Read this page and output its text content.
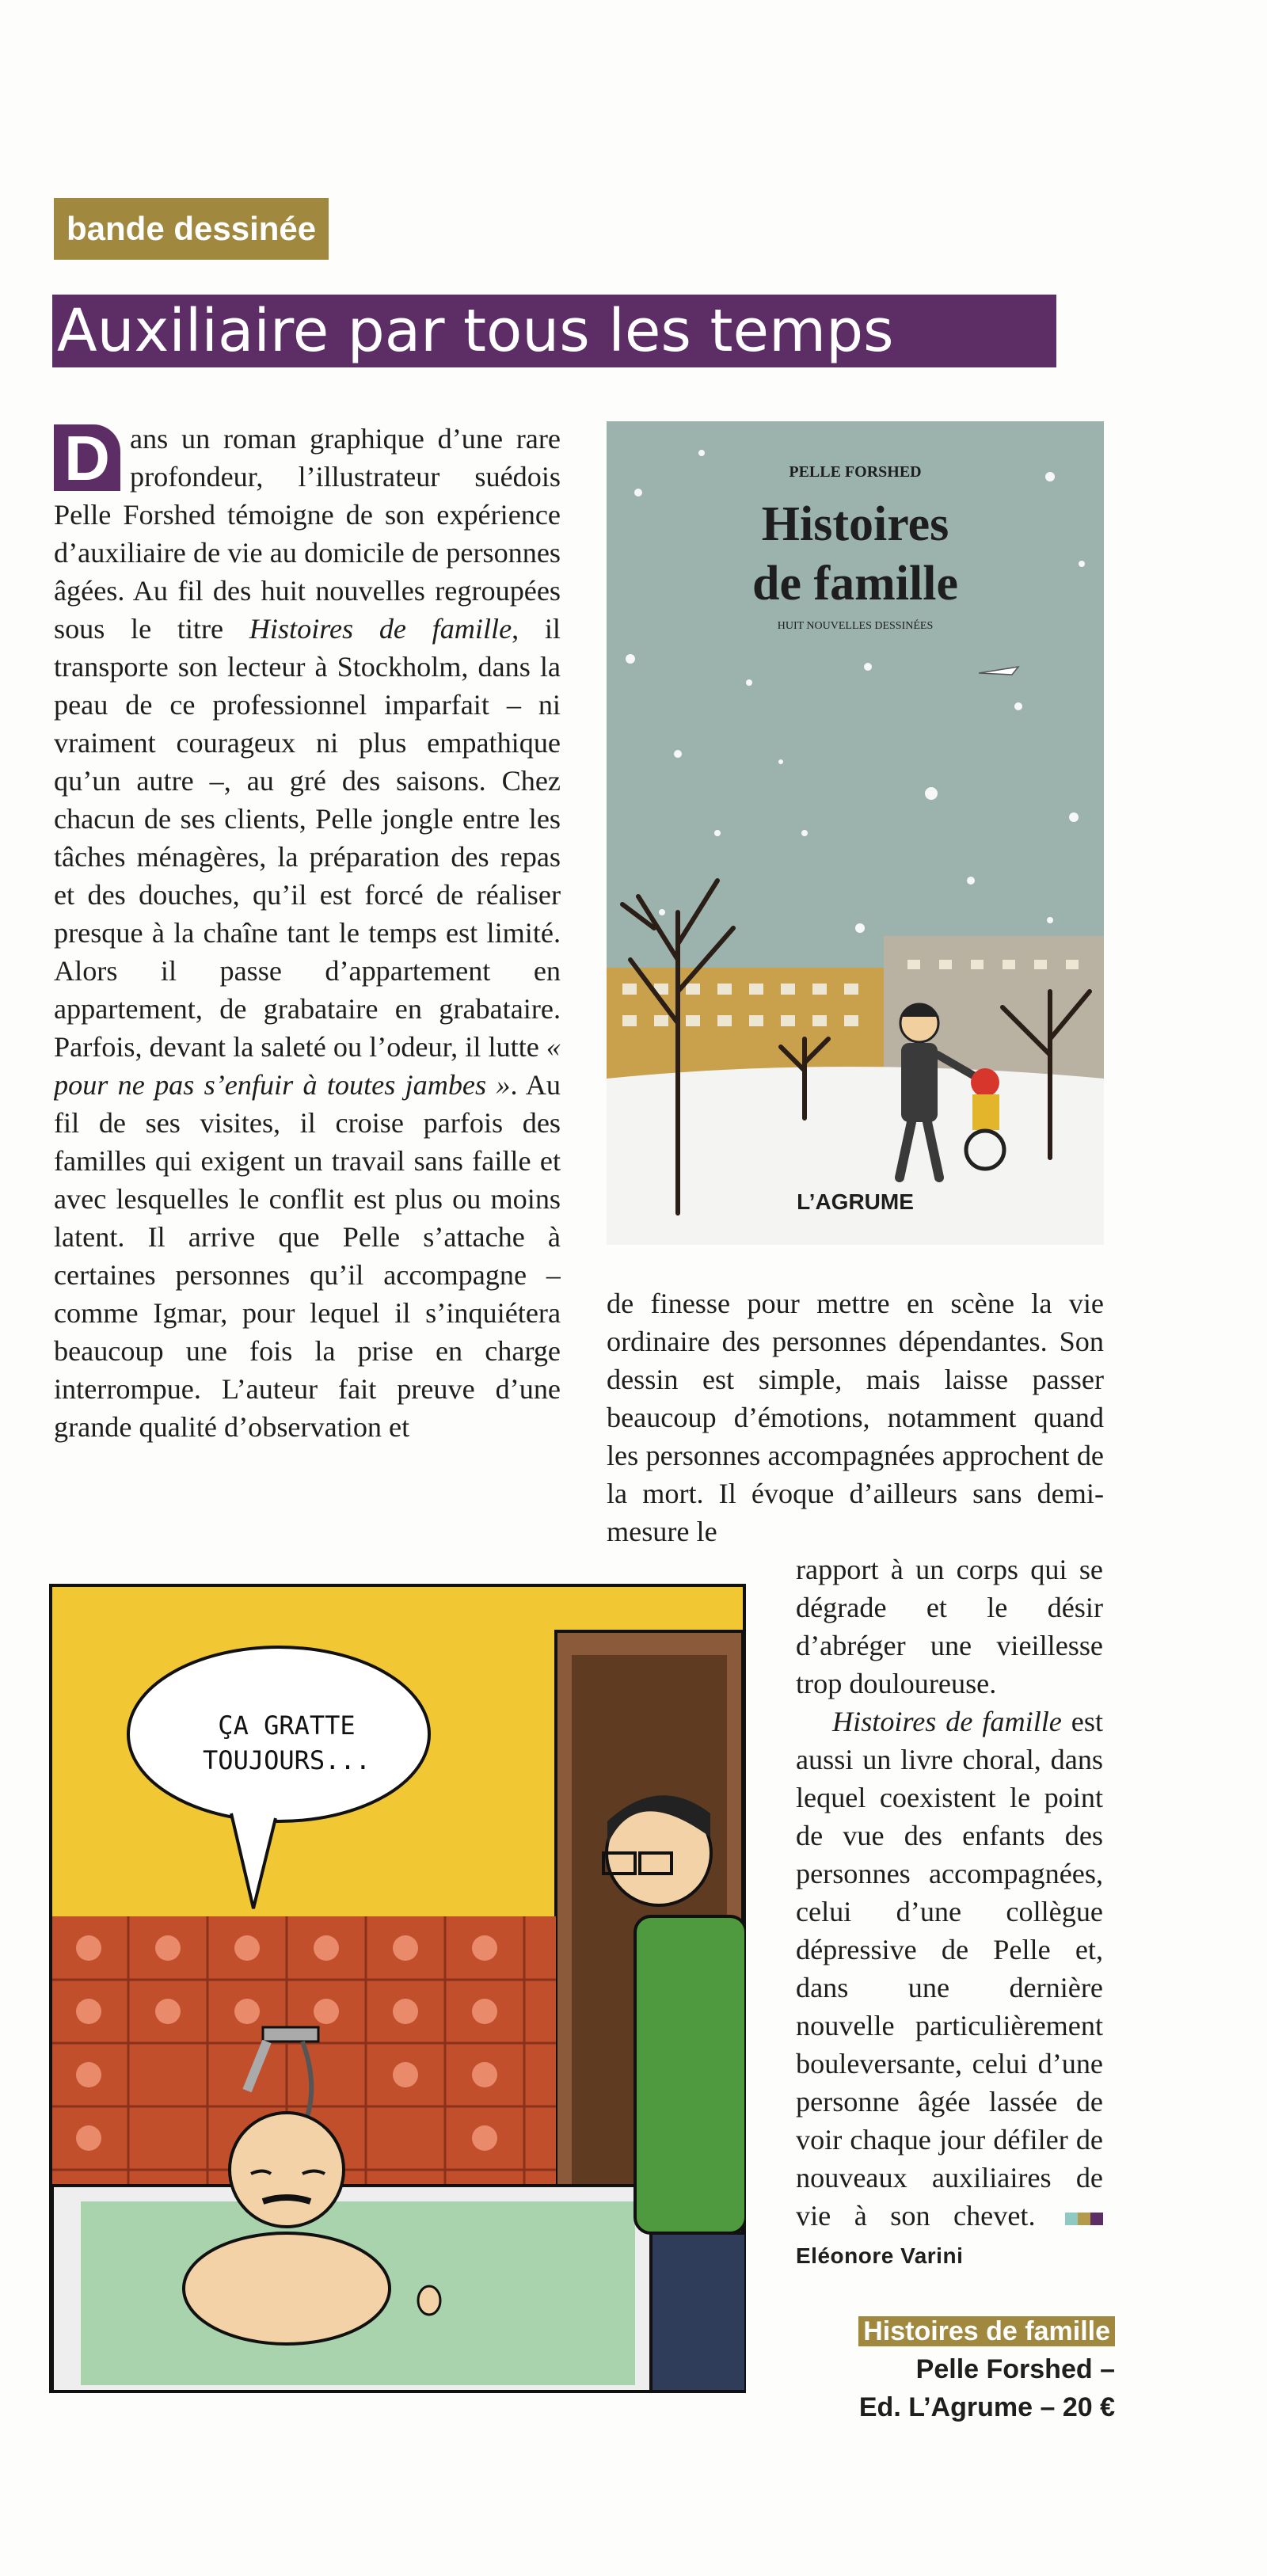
bande dessinée
Auxiliaire par tous les temps

D ans un roman graphique d’une rare profondeur, l’illustrateur suédois Pelle Forshed témoigne de son expérience d’auxiliaire de vie au domicile de personnes âgées. Au fil des huit nouvelles regroupées sous le titre Histoires de famille, il transporte son lecteur à Stockholm, dans la peau de ce professionnel imparfait – ni vraiment courageux ni plus empathique qu’un autre –, au gré des saisons. Chez chacun de ses clients, Pelle jongle entre les tâches ménagères, la préparation des repas et des douches, qu’il est forcé de réaliser presque à la chaîne tant le temps est limité. Alors il passe d’appartement en appartement, de grabataire en grabataire. Parfois, devant la saleté ou l’odeur, il lutte « pour ne pas s’enfuir à toutes jambes ». Au fil de ses visites, il croise parfois des familles qui exigent un travail sans faille et avec lesquelles le conflit est plus ou moins latent. Il arrive que Pelle s’attache à certaines personnes qu’il accompagne – comme Igmar, pour lequel il s’inquiétera beaucoup une fois la prise en charge interrompue. L’auteur fait preuve d’une grande qualité d’observation et

PELLE FORSHED
Histoires
de famille
HUIT NOUVELLES DESSINÉES
L’AGRUME

de finesse pour mettre en scène la vie ordinaire des personnes dépendantes. Son dessin est simple, mais laisse passer beaucoup d’émotions, notamment quand les personnes accompagnées approchent de la mort. Il évoque d’ailleurs sans demi-mesure le

ÇA GRATTE
TOUJOURS...

rapport à un corps qui se dégrade et le désir d’abréger une vieillesse trop douloureuse.

Histoires de famille est aussi un livre choral, dans lequel coexistent le point de vue des enfants des personnes accompagnées, celui d’une collègue dépressive de Pelle et, dans une dernière nouvelle particulièrement bouleversante, celui d’une personne âgée lassée de voir chaque jour défiler de nouveaux auxiliaires de vie à son chevet.  Eléonore Varini

Histoires de famille
Pelle Forshed –
Ed. L’Agrume – 20 €
